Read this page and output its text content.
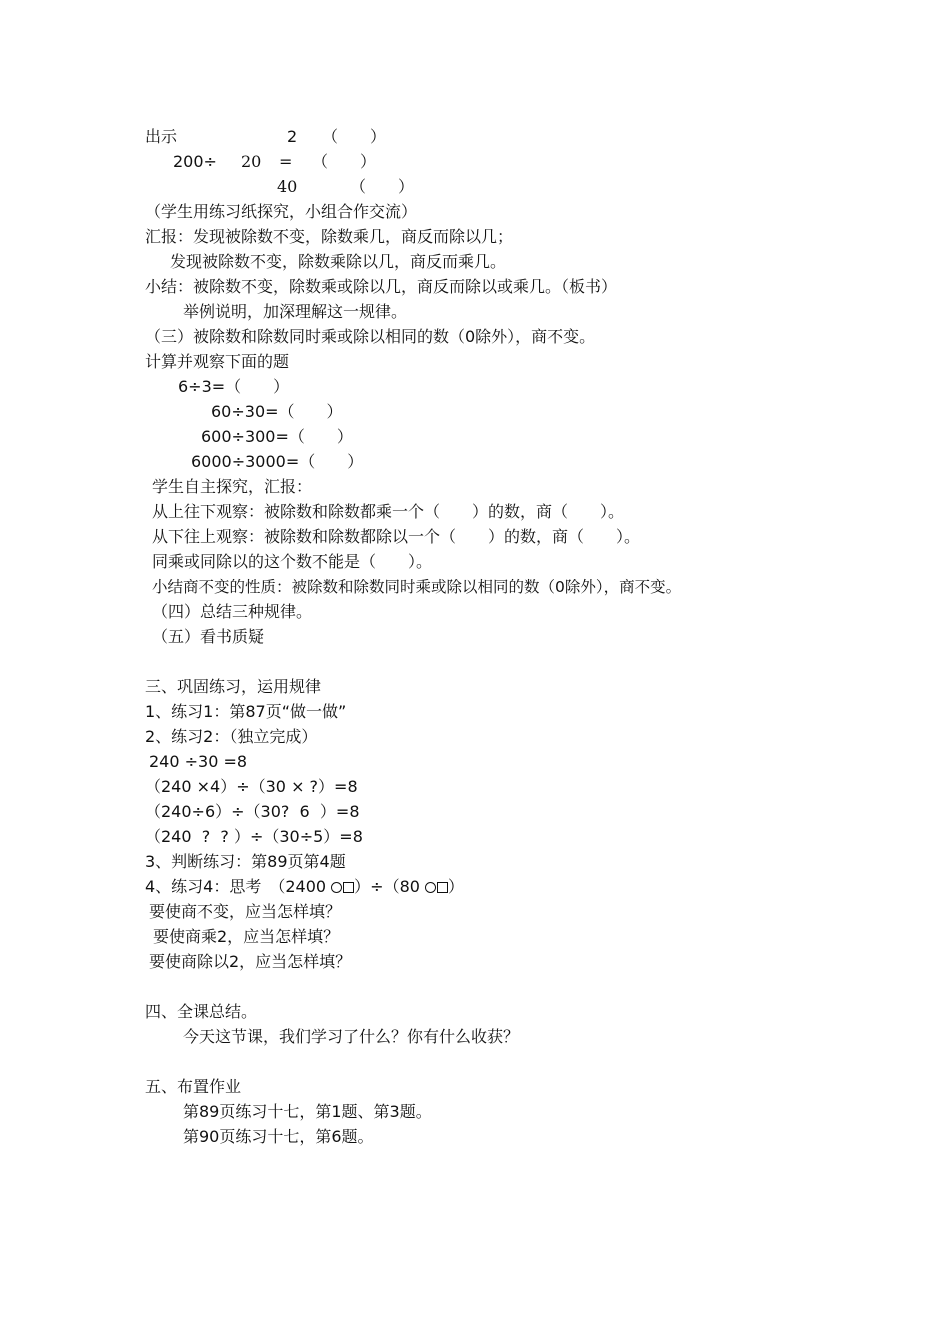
出示	2 （　　）
200÷ 20 = （　　）
40	（　　）
（学生用练习纸探究，小组合作交流）
汇报：发现被除数不变，除数乘几，商反而除以几；
发现被除数不变，除数乘除以几，商反而乘几。
小结：被除数不变，除数乘或除以几，商反而除以或乘几。（板书）
举例说明，加深理解这一规律。
（三）被除数和除数同时乘或除以相同的数（0除外），商不变。
计算并观察下面的题
6÷3=（　　）
60÷30=（　　）
600÷300=（　　）
6000÷3000=（　　）
学生自主探究，汇报：
从上往下观察：被除数和除数都乘一个（　　）的数，商（　　）。
从下往上观察：被除数和除数都除以一个（　　）的数，商（　　）。
同乘或同除以的这个数不能是（　　）。
小结商不变的性质：被除数和除数同时乘或除以相同的数（0除外），商不变。
（四）总结三种规律。
（五）看书质疑
三、巩固练习，运用规律
1、练习1：第87页“做一做”
2、练习2：（独立完成）
240 ÷30 =8
（240 ×4）÷（30 × ?）=8
（240÷6）÷（30?  6  ）=8
（240  ?  ? ）÷（30÷5）=8
3、判断练习：第89页第4题
4、练习4：思考　（2400 ）÷（80 ）
要使商不变，应当怎样填？
要使商乘2，应当怎样填？
要使商除以2，应当怎样填？
四、全课总结。
今天这节课，我们学习了什么？你有什么收获？
五、布置作业
第89页练习十七，第1题、第3题。
第90页练习十七，第6题。
